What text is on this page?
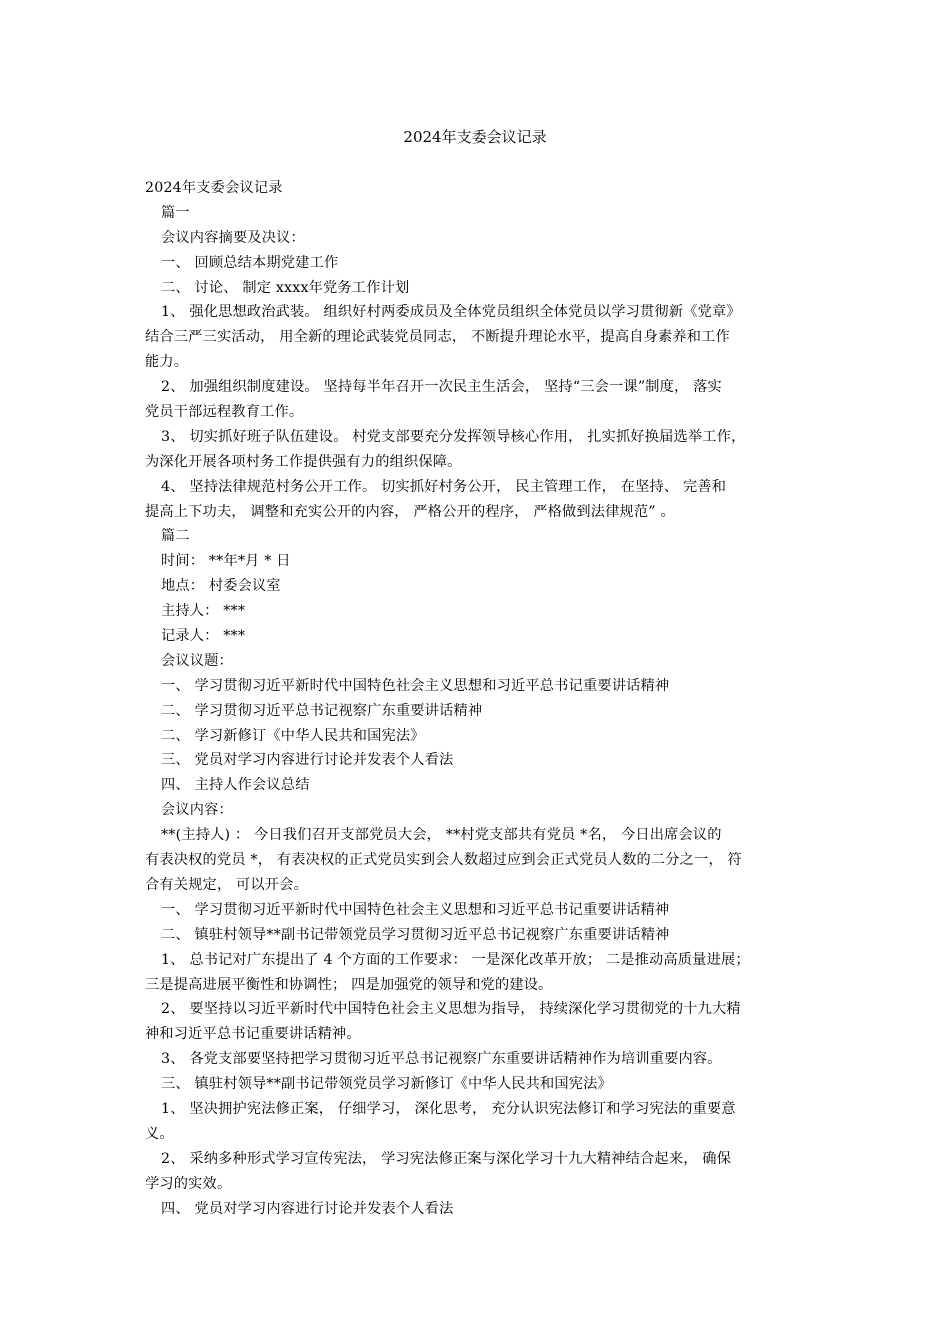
2024年支委会议记录
2024年支委会议记录
篇一
会议内容摘要及决议：
一、 回顾总结本期党建工作
二、 讨论、 制定 xxxx年党务工作计划
1、 强化思想政治武装。 组织好村两委成员及全体党员组织全体党员以学习贯彻新《党章》
结合三严三实活动， 用全新的理论武装党员同志， 不断提升理论水平，提高自身素养和工作
能力。
2、 加强组织制度建设。 坚持每半年召开一次民主生活会， 坚持“三会一课”制度， 落实
党员干部远程教育工作。
3、 切实抓好班子队伍建设。 村党支部要充分发挥领导核心作用， 扎实抓好换届选举工作，
为深化开展各项村务工作提供强有力的组织保障。
4、 坚持法律规范村务公开工作。 切实抓好村务公开， 民主管理工作， 在坚持、 完善和
提高上下功夫， 调整和充实公开的内容， 严格公开的程序， 严格做到法律规范” 。
篇二
时间： **年*月 * 日
地点： 村委会议室
主持人： ***
记录人： ***
会议议题：
一、 学习贯彻习近平新时代中国特色社会主义思想和习近平总书记重要讲话精神
二、 学习贯彻习近平总书记视察广东重要讲话精神
二、 学习新修订《中华人民共和国宪法》
三、 党员对学习内容进行讨论并发表个人看法
四、 主持人作会议总结
会议内容：
**(主持人) ： 今日我们召开支部党员大会， **村党支部共有党员 *名， 今日出席会议的
有表决权的党员 *， 有表决权的正式党员实到会人数超过应到会正式党员人数的二分之一， 符
合有关规定， 可以开会。
一、 学习贯彻习近平新时代中国特色社会主义思想和习近平总书记重要讲话精神
二、 镇驻村领导**副书记带领党员学习贯彻习近平总书记视察广东重要讲话精神
1、 总书记对广东提出了 4 个方面的工作要求： 一是深化改革开放； 二是推动高质量进展；
三是提高进展平衡性和协调性； 四是加强党的领导和党的建设。
2、 要坚持以习近平新时代中国特色社会主义思想为指导， 持续深化学习贯彻党的十九大精
神和习近平总书记重要讲话精神。
3、 各党支部要坚持把学习贯彻习近平总书记视察广东重要讲话精神作为培训重要内容。
三、 镇驻村领导**副书记带领党员学习新修订《中华人民共和国宪法》
1、 坚决拥护宪法修正案， 仔细学习， 深化思考， 充分认识宪法修订和学习宪法的重要意
义。
2、 采纳多种形式学习宣传宪法， 学习宪法修正案与深化学习十九大精神结合起来， 确保
学习的实效。
四、 党员对学习内容进行讨论并发表个人看法
